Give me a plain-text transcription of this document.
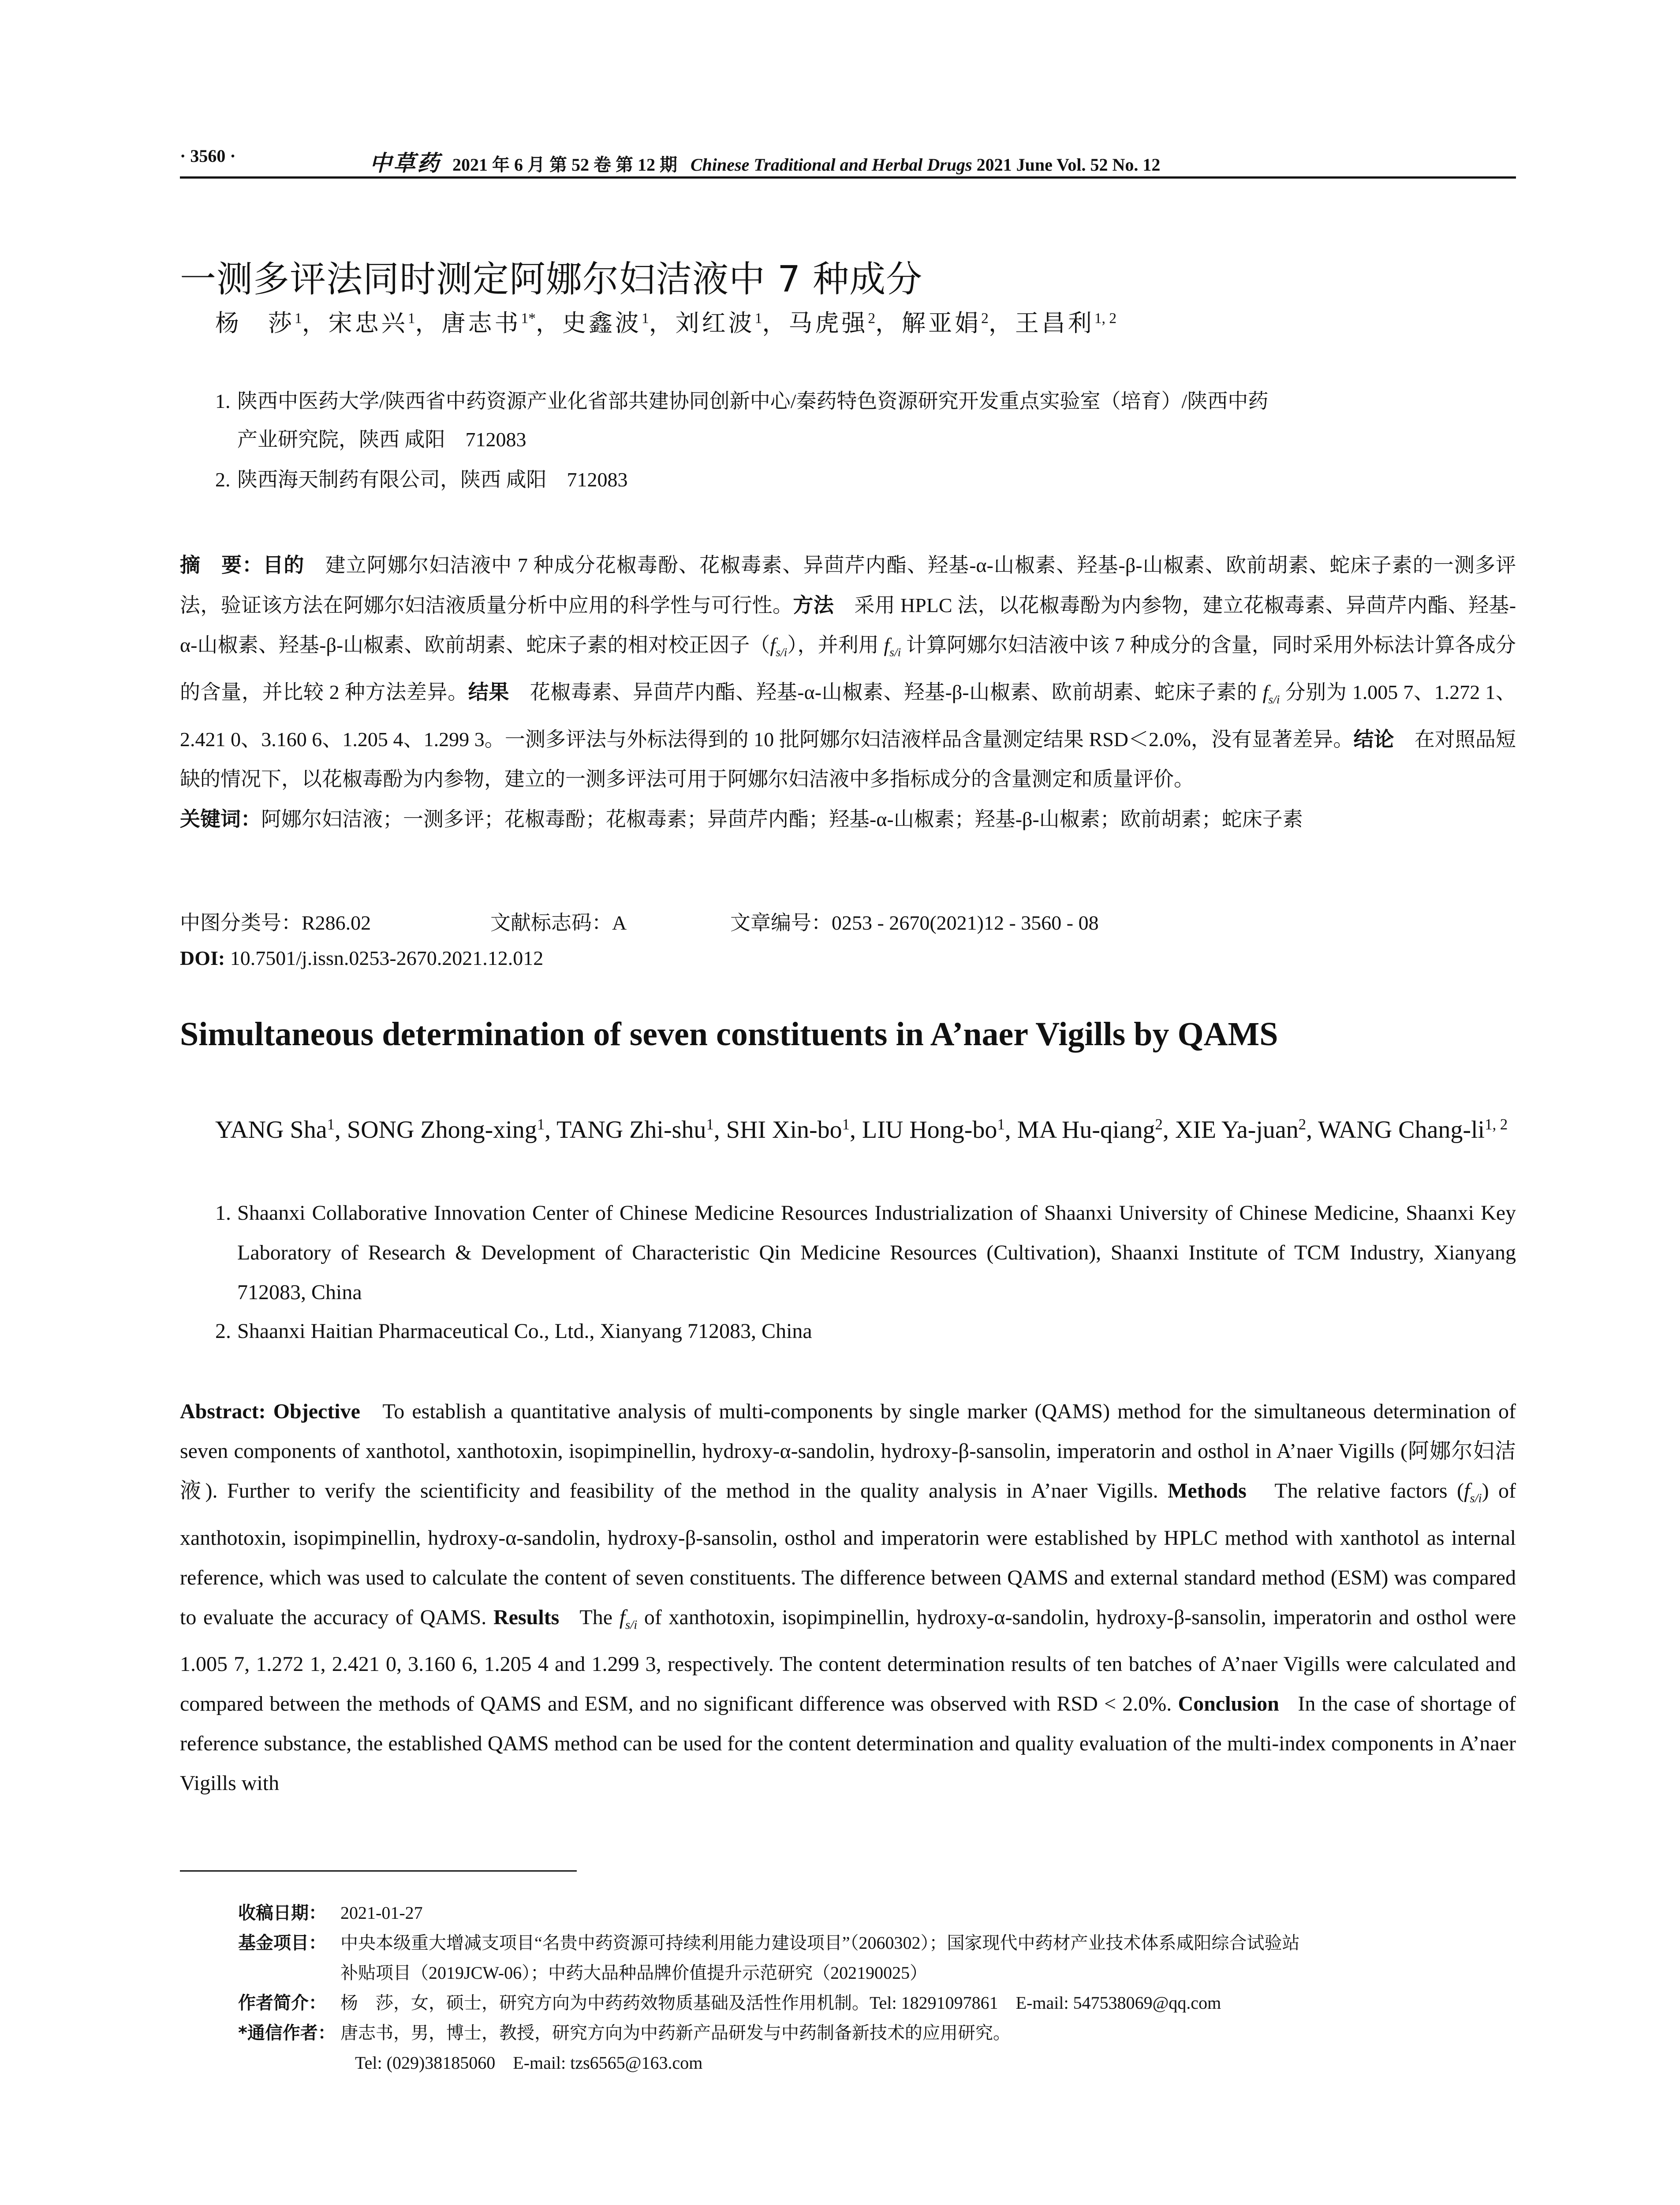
· 3560 ·	中草药 2021 年 6 月 第 52 卷 第 12 期 Chinese Traditional and Herbal Drugs 2021 June Vol. 52 No. 12
一测多评法同时测定阿娜尔妇洁液中 7 种成分
杨　莎$^1$，宋忠兴$^1$，唐志书$^{1*}$，史鑫波$^1$，刘红波$^1$，马虎强$^2$，解亚娟$^2$，王昌利$^{1, 2}$
1. 陕西中医药大学/陕西省中药资源产业化省部共建协同创新中心/秦药特色资源研究开发重点实验室（培育）/陕西中药
产业研究院，陕西 咸阳　712083
2. 陕西海天制药有限公司，陕西 咸阳　712083
摘　要：目的　 建立阿娜尔妇洁液中 7 种成分花椒毒酚、花椒毒素、异茴芹内酯、羟基-α-山椒素、羟基-β-山椒素、欧前胡素、蛇床子素的一测多评法，验证该方法在阿娜尔妇洁液质量分析中应用的科学性与可行性。方法　 采用 HPLC 法，以花椒毒酚为内参物，建立花椒毒素、异茴芹内酯、羟基-α-山椒素、羟基-β-山椒素、欧前胡素、蛇床子素的相对校正因子$(f_{s/i})$，并利用 $f_{s/i}$ 计算阿娜尔妇洁液中该 7 种成分的含量，同时采用外标法计算各成分的含量，并比较 2 种方法差异。结果　 花椒毒素、异茴芹内酯、羟基-α-山椒素、羟基-β-山椒素、欧前胡素、蛇床子素的 $f_{s/i}$ 分别为 1.005 7、1.272 1、2.421 0、3.160 6、1.205 4、1.299 3。一测多评法与外标法得到的 10 批阿娜尔妇洁液样品含量测定结果 RSD＜2.0%，没有显著差异。结论　 在对照品短缺的情况下，以花椒毒酚为内参物，建立的一测多评法可用于阿娜尔妇洁液中多指标成分的含量测定和质量评价。
关键词：阿娜尔妇洁液；一测多评；花椒毒酚；花椒毒素；异茴芹内酯；羟基-α-山椒素；羟基-β-山椒素；欧前胡素；蛇床子素
中图分类号：R286.02	文献标志码：A	文章编号：0253 - 2670(2021)12 - 3560 - 08
DOI: 10.7501/j.issn.0253-2670.2021.12.012
Simultaneous determination of seven constituents in A’naer Vigills by QAMS
YANG Sha$^1$, SONG Zhong-xing$^1$, TANG Zhi-shu$^1$, SHI Xin-$bo^1$, LIU Hong-$bo^1$, MA Hu-qiang$^2$, XIE Ya-juan$^2$, WANG Chang-li$^{1, 2}$
1. Shaanxi Collaborative Innovation Center of Chinese Medicine Resources Industrialization of Shaanxi University of Chinese Medicine, Shaanxi Key Laboratory of Research & Development of Characteristic Qin Medicine Resources (Cultivation), Shaanxi Institute of TCM Industry, Xianyang 712083, China
2. Shaanxi Haitian Pharmaceutical Co., Ltd., Xianyang 712083, China
Abstract: Objective To establish a quantitative analysis of multi-components by single marker (QAMS) method for the simultaneous determination of seven components of xanthotol, xanthotoxin, isopimpinellin, hydroxy-α-sandolin, hydroxy-β-sansolin, imperatorin and osthol in A’naer Vigills (阿娜尔妇洁液). Further to verify the scientificity and feasibility of the method in the quality analysis in A’naer Vigills. Methods The relative factors $(f_{s/i})$ of xanthotoxin, isopimpinellin, hydroxy-α-sandolin, hydroxy-β-sansolin, osthol and imperatorin were established by HPLC method with xanthotol as internal reference, which was used to calculate the content of seven constituents. The difference between QAMS and external standard method (ESM) was compared to evaluate the accuracy of QAMS. Results The $f_{s/i}$ of xanthotoxin, isopimpinellin, hydroxy-α-sandolin, hydroxy-β-sansolin, imperatorin and osthol were 1.005 7, 1.272 1, 2.421 0, 3.160 6, 1.205 4 and 1.299 3, respectively. The content determination results of ten batches of A’naer Vigills were calculated and compared between the methods of QAMS and ESM, and no significant difference was observed with RSD < 2.0%. Conclusion In the case of shortage of reference substance, the established QAMS method can be used for the content determination and quality evaluation of the multi-index components in A’naer Vigills with
收稿日期： 2021-01-27
基金项目： 中央本级重大增减支项目“名贵中药资源可持续利用能力建设项目”（2060302）；国家现代中药材产业技术体系咸阳综合试验站
补贴项目（2019JCW-06）；中药大品种品牌价值提升示范研究（202190025）
作者简介： 杨　莎，女，硕士，研究方向为中药药效物质基础及活性作用机制。Tel: 18291097861　E-mail: 547538069@qq.com
*通信作者： 唐志书，男，博士，教授，研究方向为中药新产品研发与中药制备新技术的应用研究。
Tel: (029)38185060　E-mail: tzs6565@163.com
